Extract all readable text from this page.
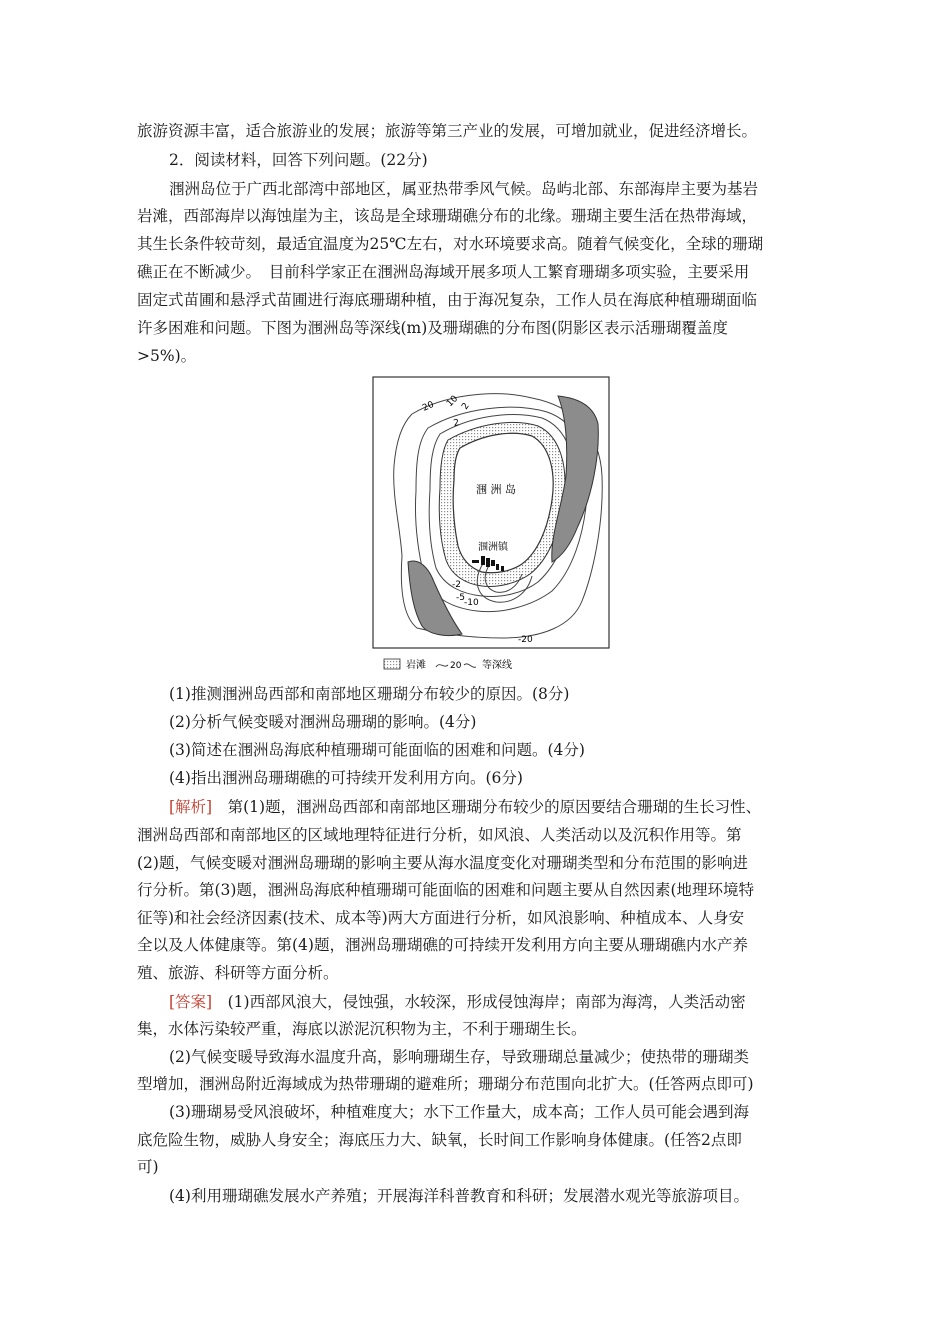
旅游资源丰富，适合旅游业的发展；旅游等第三产业的发展，可增加就业，促进经济增长。
2．阅读材料，回答下列问题。(22分)
涠洲岛位于广西北部湾中部地区，属亚热带季风气候。岛屿北部、东部海岸主要为基岩
岩滩，西部海岸以海蚀崖为主，该岛是全球珊瑚礁分布的北缘。珊瑚主要生活在热带海域，
其生长条件较苛刻，最适宜温度为25℃左右，对水环境要求高。随着气候变化，全球的珊瑚
礁正在不断减少。　目前科学家正在涠洲岛海域开展多项人工繁育珊瑚多项实验，主要采用
固定式苗圃和悬浮式苗圃进行海底珊瑚种植，由于海况复杂，工作人员在海底种植珊瑚面临
许多困难和问题。下图为涠洲岛等深线(m)及珊瑚礁的分布图(阴影区表示活珊瑚覆盖度
>5%)。
涠 洲 岛
涠洲镇
20 10 2
2
-2
-5 -10
-20
岩滩	20 等深线
(1)推测涠洲岛西部和南部地区珊瑚分布较少的原因。(8分)
(2)分析气候变暖对涠洲岛珊瑚的影响。(4分)
(3)简述在涠洲岛海底种植珊瑚可能面临的困难和问题。(4分)
(4)指出涠洲岛珊瑚礁的可持续开发利用方向。(6分)
[解析]　第(1)题，涠洲岛西部和南部地区珊瑚分布较少的原因要结合珊瑚的生长习性、
涠洲岛西部和南部地区的区域地理特征进行分析，如风浪、人类活动以及沉积作用等。第
(2)题，气候变暖对涠洲岛珊瑚的影响主要从海水温度变化对珊瑚类型和分布范围的影响进
行分析。第(3)题，涠洲岛海底种植珊瑚可能面临的困难和问题主要从自然因素(地理环境特
征等)和社会经济因素(技术、成本等)两大方面进行分析，如风浪影响、种植成本、人身安
全以及人体健康等。第(4)题，涠洲岛珊瑚礁的可持续开发利用方向主要从珊瑚礁内水产养
殖、旅游、科研等方面分析。
[答案]　(1)西部风浪大，侵蚀强，水较深，形成侵蚀海岸；南部为海湾，人类活动密
集，水体污染较严重，海底以淤泥沉积物为主，不利于珊瑚生长。
(2)气候变暖导致海水温度升高，影响珊瑚生存，导致珊瑚总量减少；使热带的珊瑚类
型增加，涠洲岛附近海域成为热带珊瑚的避难所；珊瑚分布范围向北扩大。(任答两点即可)
(3)珊瑚易受风浪破坏，种植难度大；水下工作量大，成本高；工作人员可能会遇到海
底危险生物，威胁人身安全；海底压力大、缺氧，长时间工作影响身体健康。(任答2点即
可)
(4)利用珊瑚礁发展水产养殖；开展海洋科普教育和科研；发展潜水观光等旅游项目。
